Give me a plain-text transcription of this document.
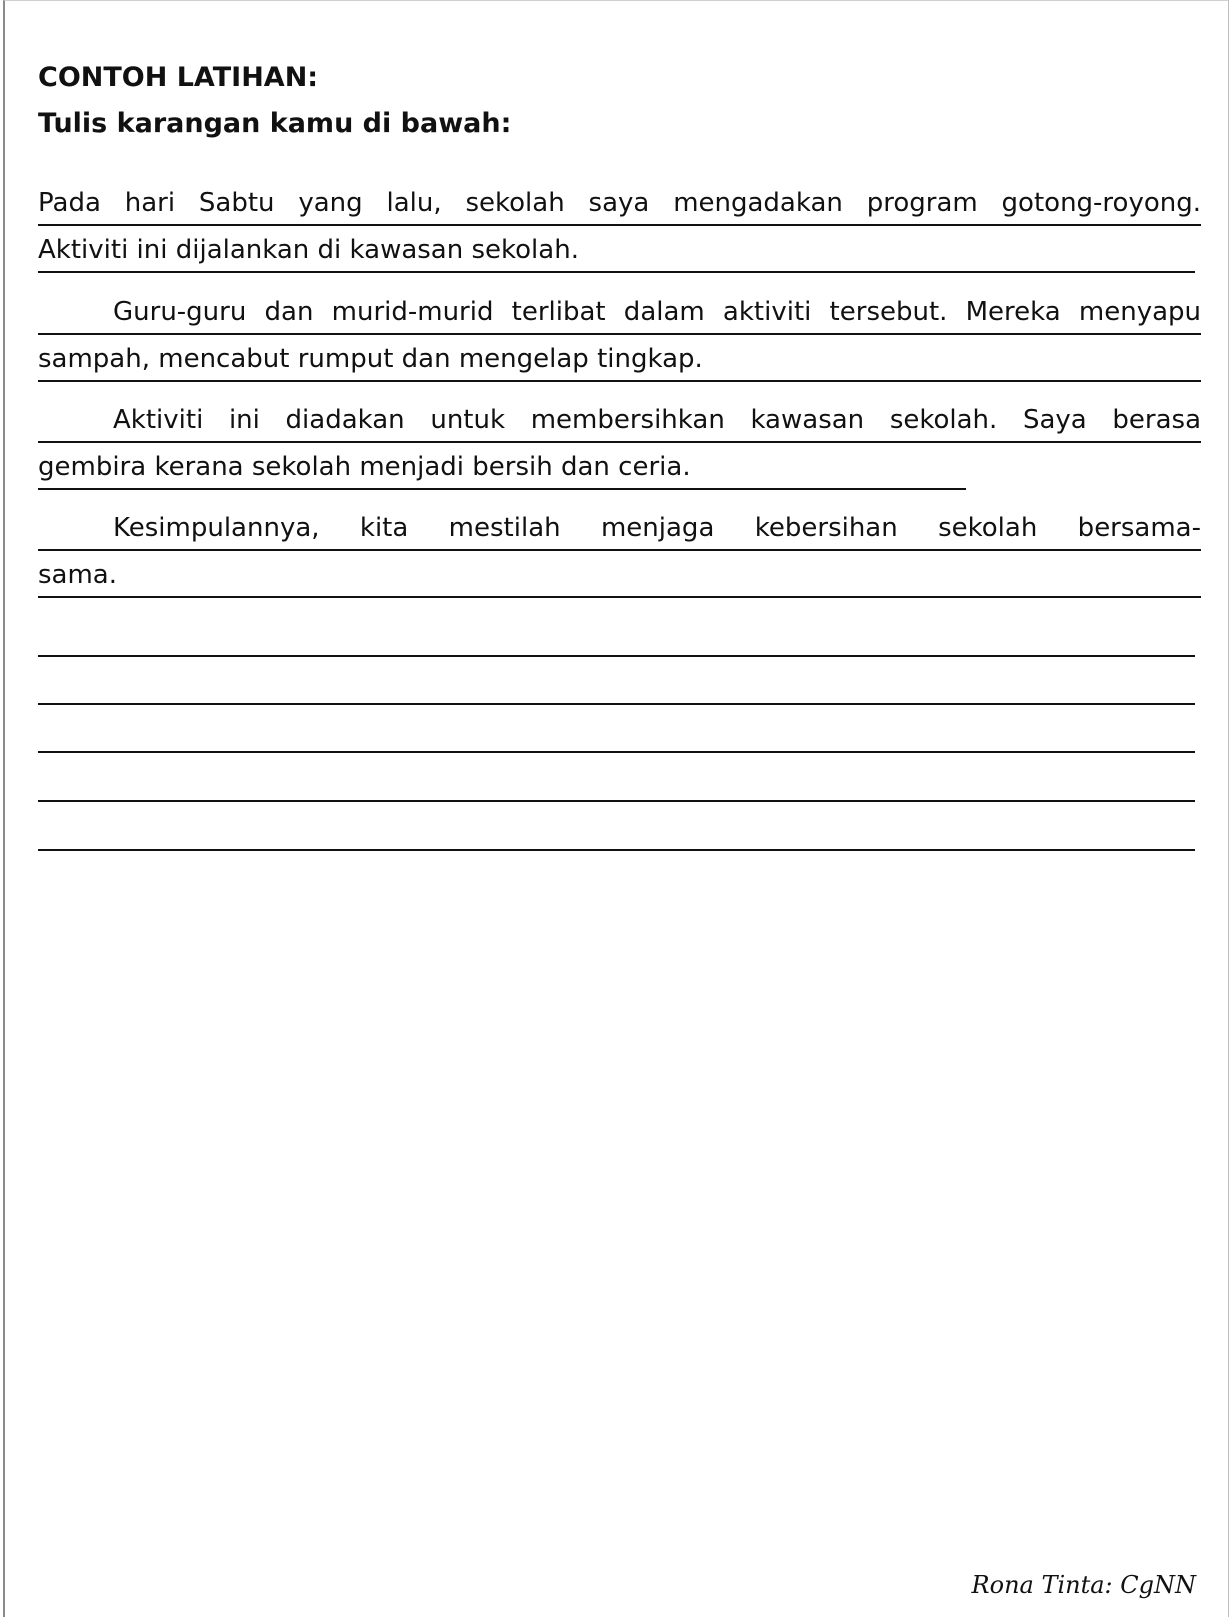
CONTOH LATIHAN:
Tulis karangan kamu di bawah:
Pada hari Sabtu yang lalu, sekolah saya mengadakan program gotong-royong.
Aktiviti ini dijalankan di kawasan sekolah.
Guru-guru dan murid-murid terlibat dalam aktiviti tersebut. Mereka menyapu
sampah, mencabut rumput dan mengelap tingkap.
Aktiviti ini diadakan untuk membersihkan kawasan sekolah. Saya berasa
gembira kerana sekolah menjadi bersih dan ceria.
Kesimpulannya, kita mestilah menjaga kebersihan sekolah bersama-
sama.
Rona Tinta: CgNN
